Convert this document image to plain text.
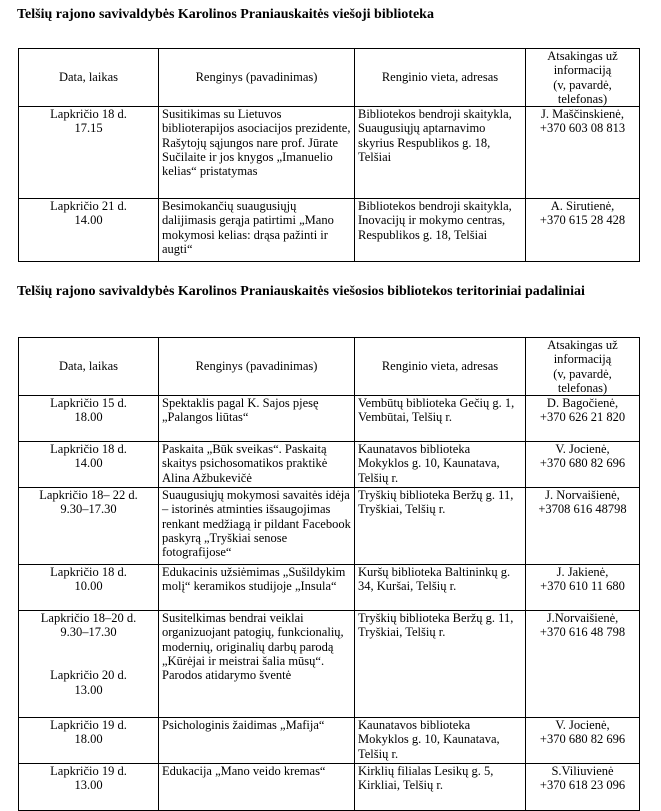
Telšių rajono savivaldybės Karolinos Praniauskaitės viešoji biblioteka
Data, laikas	Renginys (pavadinimas)	Renginio vieta, adresas	Atsakingas už
informaciją
(v, pavardė, telefonas)

Lapkričio 18 d.
17.15	Susitikimas su Lietuvos biblioterapijos asociacijos prezidente, Rašytojų sąjungos nare prof. Jūrate Sučilaite ir jos knygos „Imanuelio kelias“ pristatymas	Bibliotekos bendroji skaitykla, Suaugusiųjų aptarnavimo skyrius Respublikos g. 18, Telšiai	J. Maščinskienė,
+370 603 08 813

Lapkričio 21 d.
14.00	Besimokančių suaugusiųjų dalijimasis gerąja patirtimi „Mano mokymosi kelias: drąsa pažinti ir augti“	Bibliotekos bendroji skaitykla, Inovacijų ir mokymo centras, Respublikos g. 18, Telšiai	A. Sirutienė,
+370 615 28 428
Telšių rajono savivaldybės Karolinos Praniauskaitės viešosios bibliotekos teritoriniai padaliniai
Data, laikas	Renginys (pavadinimas)	Renginio vieta, adresas	Atsakingas už
informaciją
(v, pavardė, telefonas)

Lapkričio 15 d.
18.00	Spektaklis pagal K. Sajos pjesę „Palangos liūtas“	Vembūtų biblioteka Gečių g. 1, Vembūtai, Telšių r.	D. Bagočienė,
+370 626 21 820

Lapkričio 18 d.
14.00	Paskaita „Būk sveikas“. Paskaitą skaitys psichosomatikos praktikė Alina Ažbukevičė	Kaunatavos biblioteka Mokyklos g. 10, Kaunatava, Telšių r.	V. Jocienė,
+370 680 82 696

Lapkričio 18– 22 d.
9.30–17.30	Suaugusiųjų mokymosi savaitės idėja – istorinės atminties išsaugojimas renkant medžiagą ir pildant Facebook paskyrą „Tryškiai senose fotografijose“	Tryškių biblioteka Beržų g. 11, Tryškiai, Telšių r.	J. Norvaišienė,
+3708 616 48798

Lapkričio 18 d.
10.00	Edukacinis užsiėmimas „Sušildykim molį“ keramikos studijoje „Insula“	Kuršų biblioteka Baltininkų g. 34, Kuršai, Telšių r.	J. Jakienė,
+370 610 11 680

Lapkričio 18–20 d.
9.30–17.30
Lapkričio 20 d.
13.00	Susitelkimas bendrai veiklai organizuojant patogių, funkcionalių, modernių, originalių darbų parodą „Kūrėjai ir meistrai šalia mūsų“. Parodos atidarymo šventė	Tryškių biblioteka Beržų g. 11, Tryškiai, Telšių r.	J.Norvaišienė,
+370 616 48 798

Lapkričio 19 d.
18.00	Psichologinis žaidimas „Mafija“	Kaunatavos biblioteka Mokyklos g. 10, Kaunatava, Telšių r.	V. Jocienė,
+370 680 82 696

Lapkričio 19 d.
13.00	Edukacija „Mano veido kremas“	Kirklių filialas Lesikų g. 5, Kirkliai, Telšių r.	S.Viliuvienė
+370 618 23 096
